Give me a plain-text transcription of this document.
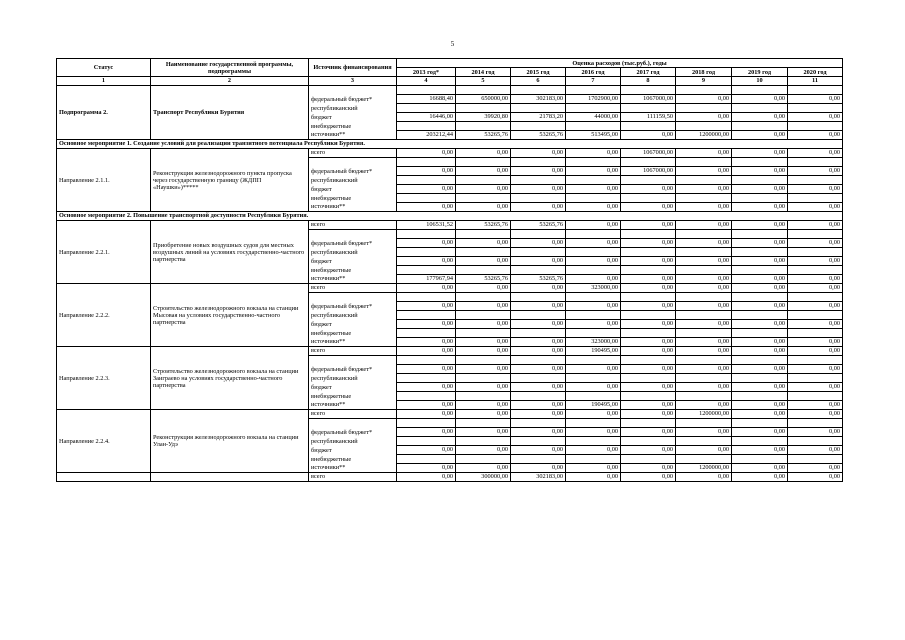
5
Статус	Наименование государственной программы, подпрограммы	Источник финансирования	Оценка расходов (тыс.руб.), годы							
			2013 год*	2014 год	2015 год	2016 год	2017 год	2018 год	2019 год	2020 год
1	2	3	4	5	6	7	8	9	10	11
Подпрограмма 2.	Транспорт Республики Бурятия									
		федеральный бюджет*	16688,40	650000,00	302183,00	1702900,00	1067000,00	0,00	0,00	0,00
		республиканский								
		бюджет	16446,00	39920,80	21783,20	44000,00	111159,50	0,00	0,00	0,00
		внебюджетные								
		источники**	203212,44	53265,76	53265,76	513495,00	0,00	1200000,00	0,00	0,00
Основное мероприятие 1. Создание условий для реализации транзитного потенциала Республики Бурятия.										
Направление 2.1.1.	Реконструкция железнодорожного пункта пропуска через государственную границу (ЖДПП «Наушки»)*****	всего	0,00	0,00	0,00	0,00	1067000,00	0,00	0,00	0,00

		федеральный бюджет*	0,00	0,00	0,00	0,00	1067000,00	0,00	0,00	0,00
		республиканский								
		бюджет	0,00	0,00	0,00	0,00	0,00	0,00	0,00	0,00
		внебюджетные								
		источники**	0,00	0,00	0,00	0,00	0,00	0,00	0,00	0,00
Основное мероприятие 2. Повышение транспортной доступности Республики Бурятия.										
Направление 2.2.1.	Приобретение новых воздушных судов для местных воздушных линий на условиях государственно-частного партнерства	всего	106531,52	53265,76	53265,76	0,00	0,00	0,00	0,00	0,00

		федеральный бюджет*	0,00	0,00	0,00	0,00	0,00	0,00	0,00	0,00
		республиканский								
		бюджет	0,00	0,00	0,00	0,00	0,00	0,00	0,00	0,00
		внебюджетные								
		источники**	177967,94	53265,76	53265,76	0,00	0,00	0,00	0,00	0,00
Направление 2.2.2.	Строительство железнодорожного вокзала на станции Мысовая на условиях государственно-частного партнерства	всего	0,00	0,00	0,00	323000,00	0,00	0,00	0,00	0,00

		федеральный бюджет*	0,00	0,00	0,00	0,00	0,00	0,00	0,00	0,00
		республиканский								
		бюджет	0,00	0,00	0,00	0,00	0,00	0,00	0,00	0,00
		внебюджетные								
		источники**	0,00	0,00	0,00	323000,00	0,00	0,00	0,00	0,00
Направление 2.2.3.	Строительство железнодорожного вокзала на станции Заиграево на условиях государственно-частного партнерства	всего	0,00	0,00	0,00	190495,00	0,00	0,00	0,00	0,00

		федеральный бюджет*	0,00	0,00	0,00	0,00	0,00	0,00	0,00	0,00
		республиканский								
		бюджет	0,00	0,00	0,00	0,00	0,00	0,00	0,00	0,00
		внебюджетные								
		источники**	0,00	0,00	0,00	190495,00	0,00	0,00	0,00	0,00
Направление 2.2.4.	Реконструкция железнодорожного вокзала на станции Улан-Удэ	всего	0,00	0,00	0,00	0,00	0,00	1200000,00	0,00	0,00

		федеральный бюджет*	0,00	0,00	0,00	0,00	0,00	0,00	0,00	0,00
		республиканский								
		бюджет	0,00	0,00	0,00	0,00	0,00	0,00	0,00	0,00
		внебюджетные								
		источники**	0,00	0,00	0,00	0,00	0,00	1200000,00	0,00	0,00
		всего	0,00	300000,00	302183,00	0,00	0,00	0,00	0,00	0,00
